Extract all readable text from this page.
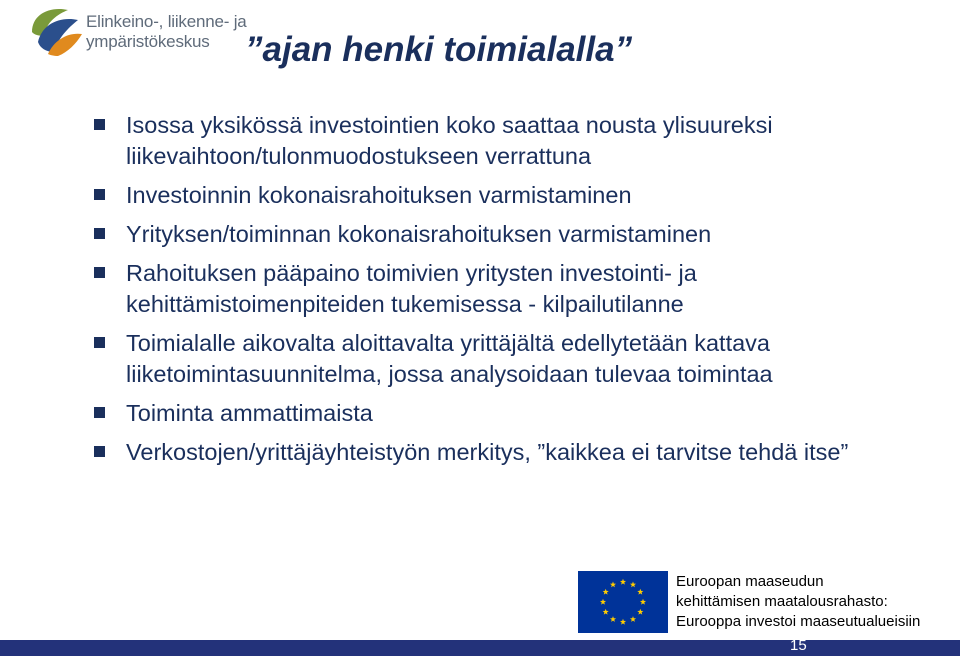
Elinkeino-, liikenne- ja
ympäristökeskus	”ajan henki toimialalla”
Isossa yksikössä investointien koko saattaa nousta ylisuureksi liikevaihtoon/tulonmuodostukseen verrattuna
Investoinnin kokonaisrahoituksen varmistaminen
Yrityksen/toiminnan kokonaisrahoituksen varmistaminen
Rahoituksen pääpaino toimivien yritysten investointi- ja kehittämistoimenpiteiden tukemisessa - kilpailutilanne
Toimialalle aikovalta aloittavalta yrittäjältä edellytetään kattava liiketoimintasuunnitelma, jossa analysoidaan tulevaa toimintaa
Toiminta ammattimaista
Verkostojen/yrittäjäyhteistyön merkitys, ”kaikkea ei tarvitse tehdä itse”
Euroopan maaseudun
kehittämisen maatalousrahasto:
Eurooppa investoi maaseutualueisiin
15
